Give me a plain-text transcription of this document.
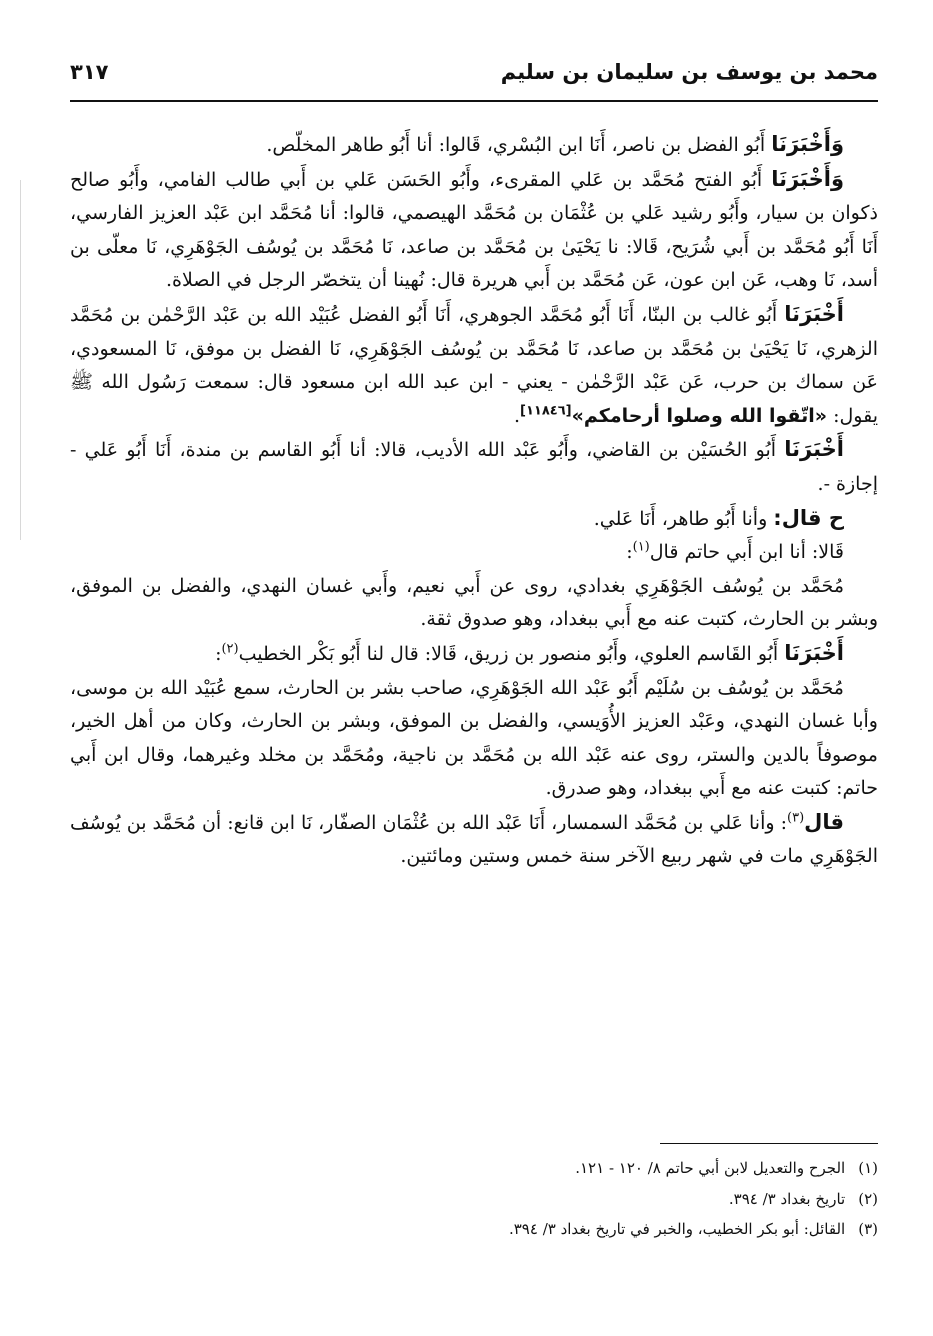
محمد بن يوسف بن سليمان بن سليم
٣١٧

وَأَخْبَرَنَا أَبُو الفضل بن ناصر، أَنَا ابن البُسْري، قَالوا: أنا أَبُو طاهر المخلّص.

وَأَخْبَرَنَا أَبُو الفتح مُحَمَّد بن عَلي المقرىء، وأَبُو الحَسَن عَلي بن أَبي طالب الفامي، وأَبُو صالح ذكوان بن سيار، وأَبُو رشيد عَلي بن عُثْمَان بن مُحَمَّد الهيصمي، قالوا: أنا مُحَمَّد ابن عَبْد العزيز الفارسي، أَنَا أَبُو مُحَمَّد بن أَبي شُرَيح، قَالا: نا يَحْيَىٰ بن مُحَمَّد بن صاعد، نَا مُحَمَّد بن يُوسُف الجَوْهَرِي، نَا معلّى بن أسد، نَا وهب، عَن ابن عون، عَن مُحَمَّد بن أَبي هريرة قال: نُهينا أن يتخصّر الرجل في الصلاة.

أَخْبَرَنَا أَبُو غالب بن البنّا، أَنَا أَبُو مُحَمَّد الجوهري، أَنَا أَبُو الفضل عُبَيْد الله بن عَبْد الرَّحْمٰن بن مُحَمَّد الزهري، نَا يَحْيَىٰ بن مُحَمَّد بن صاعد، نَا مُحَمَّد بن يُوسُف الجَوْهَرِي، نَا الفضل بن موفق، نَا المسعودي، عَن سماك بن حرب، عَن عَبْد الرَّحْمٰن - يعني - ابن عبد الله ابن مسعود قال: سمعت رَسُول الله ﷺ يقول: «اتّقوا الله وصلوا أرحامكم»[١١٨٤٦].

أَخْبَرَنَا أَبُو الحُسَيْن بن القاضي، وأَبُو عَبْد الله الأديب، قالا: أنا أَبُو القاسم بن مندة، أَنَا أَبُو عَلي - إجازة -.

ح قال: وأنا أَبُو طاهر، أَنَا عَلي.

قَالا: أنا ابن أَبي حاتم قال$^{(١)}$:

مُحَمَّد بن يُوسُف الجَوْهَرِي بغدادي، روى عن أَبي نعيم، وأَبي غسان النهدي، والفضل بن الموفق، وبشر بن الحارث، كتبت عنه مع أَبي ببغداد، وهو صدوق ثقة.

أَخْبَرَنَا أَبُو القَاسم العلوي، وأَبُو منصور بن زريق، قَالا: قال لنا أَبُو بَكْر الخطيب$^{(٢)}$:

مُحَمَّد بن يُوسُف بن سُلَيْم أَبُو عَبْد الله الجَوْهَرِي، صاحب بشر بن الحارث، سمع عُبَيْد الله بن موسى، وأبا غسان النهدي، وعَبْد العزيز الأُوَيسي، والفضل بن الموفق، وبشر بن الحارث، وكان من أهل الخير، موصوفاً بالدين والستر، روى عنه عَبْد الله بن مُحَمَّد بن ناجية، ومُحَمَّد بن مخلد وغيرهما، وقال ابن أَبي حاتم: كتبت عنه مع أَبي ببغداد، وهو صدرق.

قال$^{(٣)}$: وأنا عَلي بن مُحَمَّد السمسار، أَنَا عَبْد الله بن عُثْمَان الصفّار، نَا ابن قانع: أن مُحَمَّد بن يُوسُف الجَوْهَرِي مات في شهر ربيع الآخر سنة خمس وستين ومائتين.

(١) الجرح والتعديل لابن أبي حاتم ٨/ ١٢٠ - ١٢١.

(٢) تاريخ بغداد ٣/ ٣٩٤.

(٣) القائل: أبو بكر الخطيب، والخبر في تاريخ بغداد ٣/ ٣٩٤.
